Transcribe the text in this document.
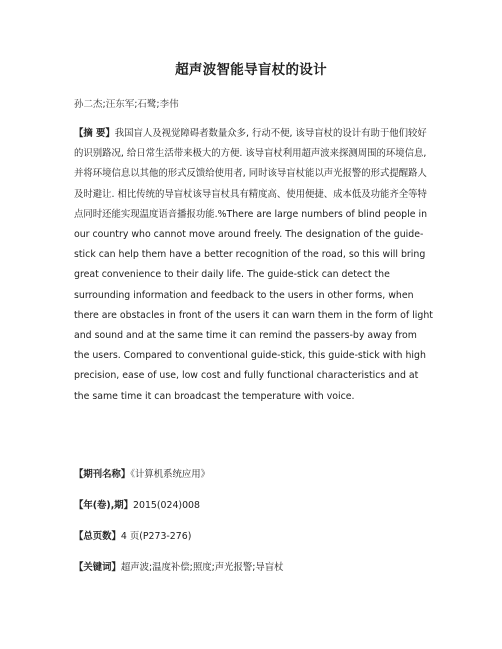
超声波智能导盲杖的设计
孙二杰;汪东军;石鹭;李伟
【摘 要】我国盲人及视觉障碍者数量众多, 行动不便, 该导盲杖的设计有助于他们较好的识别路况, 给日常生活带来极大的方便. 该导盲杖利用超声波来探测周围的环境信息, 并将环境信息以其他的形式反馈给使用者, 同时该导盲杖能以声光报警的形式提醒路人及时避让. 相比传统的导盲杖该导盲杖具有精度高、使用便捷、成本低及功能齐全等特点同时还能实现温度语音播报功能.%There are large numbers of blind people in our country who cannot move around freely. The designation of the guide-stick can help them have a better recognition of the road, so this will bring great convenience to their daily life. The guide-stick can detect the surrounding information and feedback to the users in other forms, when there are obstacles in front of the users it can warn them in the form of light and sound and at the same time it can remind the passers-by away from the users. Compared to conventional guide-stick, this guide-stick with high precision, ease of use, low cost and fully functional characteristics and at the same time it can broadcast the temperature with voice.
【期刊名称】《计算机系统应用》
【年(卷),期】2015(024)008
【总页数】4 页(P273-276)
【关键词】超声波;温度补偿;照度;声光报警;导盲杖
